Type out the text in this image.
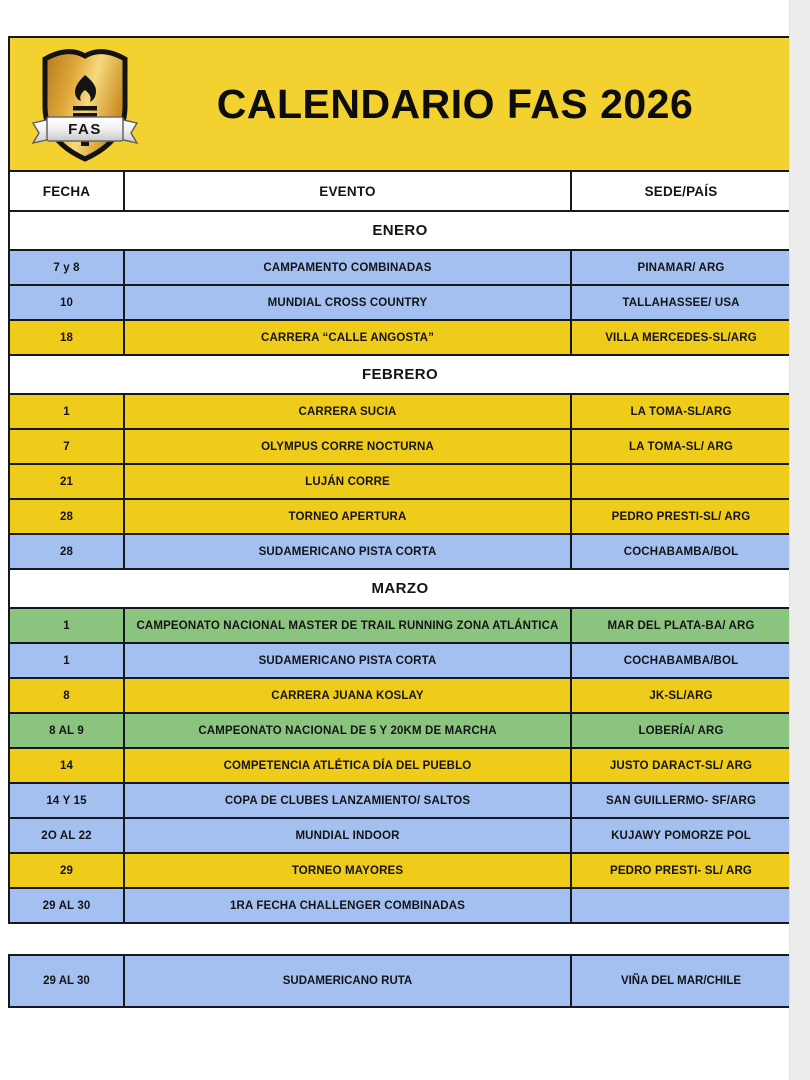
FAS
CALENDARIO FAS 2026		

FECHA	EVENTO	SEDE/PAÍS
ENERO		
7 y 8	CAMPAMENTO COMBINADAS	PINAMAR/ ARG
10	MUNDIAL CROSS COUNTRY	TALLAHASSEE/ USA
18	CARRERA “CALLE ANGOSTA”	VILLA MERCEDES-SL/ARG
FEBRERO		
1	CARRERA SUCIA	LA TOMA-SL/ARG
7	OLYMPUS CORRE NOCTURNA	LA TOMA-SL/ ARG
21	LUJÁN CORRE	
28	TORNEO APERTURA	PEDRO PRESTI-SL/ ARG
28	SUDAMERICANO PISTA CORTA	COCHABAMBA/BOL
MARZO		
1	CAMPEONATO NACIONAL MASTER DE TRAIL RUNNING ZONA ATLÁNTICA	MAR DEL PLATA-BA/ ARG
1	SUDAMERICANO PISTA CORTA	COCHABAMBA/BOL
8	CARRERA JUANA KOSLAY	JK-SL/ARG
8 AL 9	CAMPEONATO NACIONAL DE 5 Y 20KM DE MARCHA	LOBERÍA/ ARG
14	COMPETENCIA ATLÉTICA DÍA DEL PUEBLO	JUSTO DARACT-SL/ ARG
14 Y 15	COPA DE CLUBES LANZAMIENTO/ SALTOS	SAN GUILLERMO- SF/ARG
2O AL 22	MUNDIAL INDOOR	KUJAWY POMORZE POL
29	TORNEO MAYORES	PEDRO PRESTI- SL/ ARG
29 AL 30	1RA FECHA CHALLENGER COMBINADAS	
29 AL 30	SUDAMERICANO RUTA	VIÑA DEL MAR/CHILE
